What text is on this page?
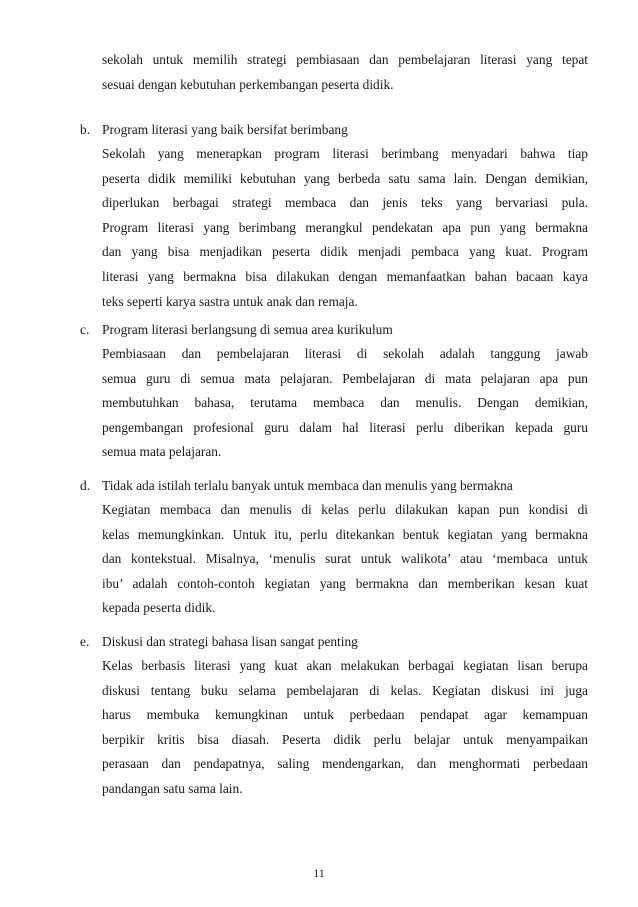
sekolah untuk memilih strategi pembiasaan dan pembelajaran literasi yang tepat
sesuai dengan kebutuhan perkembangan peserta didik.
b. Program literasi yang baik bersifat berimbang
Sekolah yang menerapkan program literasi berimbang menyadari bahwa tiap
peserta didik memiliki kebutuhan yang berbeda satu sama lain. Dengan demikian,
diperlukan berbagai strategi membaca dan jenis teks yang bervariasi pula.
Program literasi yang berimbang merangkul pendekatan apa pun yang bermakna
dan yang bisa menjadikan peserta didik menjadi pembaca yang kuat. Program
literasi yang bermakna bisa dilakukan dengan memanfaatkan bahan bacaan kaya
teks seperti karya sastra untuk anak dan remaja.
c. Program literasi berlangsung di semua area kurikulum
Pembiasaan dan pembelajaran literasi di sekolah adalah tanggung jawab
semua guru di semua mata pelajaran. Pembelajaran di mata pelajaran apa pun
membutuhkan bahasa, terutama membaca dan menulis. Dengan demikian,
pengembangan profesional guru dalam hal literasi perlu diberikan kepada guru
semua mata pelajaran.
d. Tidak ada istilah terlalu banyak untuk membaca dan menulis yang bermakna
Kegiatan membaca dan menulis di kelas perlu dilakukan kapan pun kondisi di
kelas memungkinkan. Untuk itu, perlu ditekankan bentuk kegiatan yang bermakna
dan kontekstual. Misalnya, ‘menulis surat untuk walikota’ atau ‘membaca untuk
ibu’ adalah contoh-contoh kegiatan yang bermakna dan memberikan kesan kuat
kepada peserta didik.
e. Diskusi dan strategi bahasa lisan sangat penting
Kelas berbasis literasi yang kuat akan melakukan berbagai kegiatan lisan berupa
diskusi tentang buku selama pembelajaran di kelas. Kegiatan diskusi ini juga
harus membuka kemungkinan untuk perbedaan pendapat agar kemampuan
berpikir kritis bisa diasah. Peserta didik perlu belajar untuk menyampaikan
perasaan dan pendapatnya, saling mendengarkan, dan menghormati perbedaan
pandangan satu sama lain.
11
